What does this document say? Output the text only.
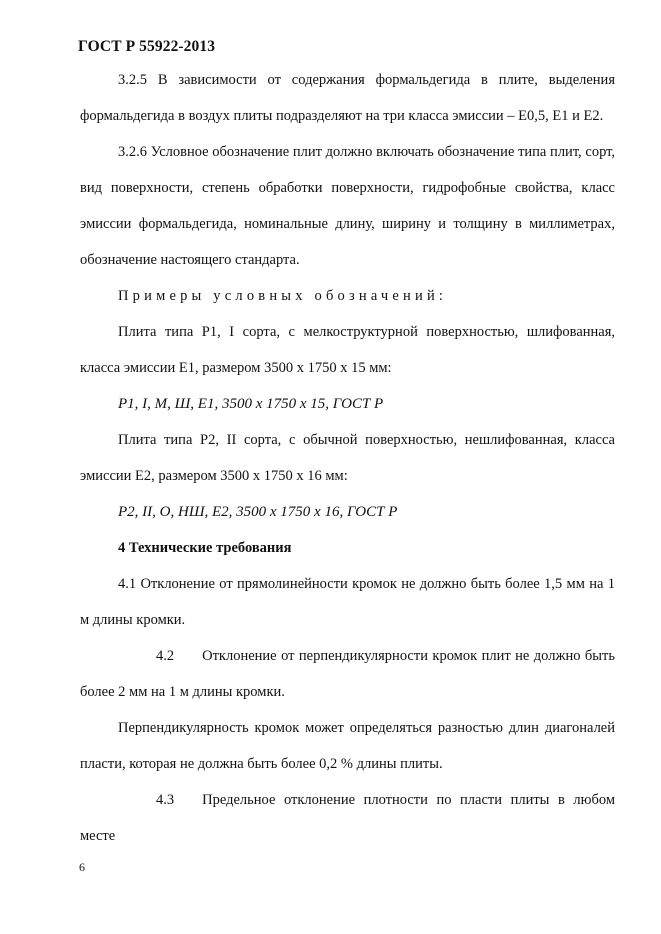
ГОСТ Р 55922-2013

3.2.5 В зависимости от содержания формальдегида в плите, выделения формальдегида в воздух плиты подразделяют на три класса эмиссии – Е0,5, Е1 и Е2.

3.2.6 Условное обозначение плит должно включать обозначение типа плит, сорт, вид поверхности, степень обработки поверхности, гидрофобные свойства, класс эмиссии формальдегида, номинальные длину, ширину и толщину в миллиметрах, обозначение настоящего стандарта.

Примеры условных обозначений:

Плита типа Р1, I сорта, с мелкоструктурной поверхностью, шлифованная, класса эмиссии Е1, размером 3500 х 1750 х 15 мм:

Р1, I, М, Ш, Е1, 3500 х 1750 х 15, ГОСТ Р

Плита типа Р2, II сорта, с обычной поверхностью, нешлифованная, класса эмиссии Е2, размером 3500 х 1750 х 16 мм:

Р2, II, О, НШ, Е2, 3500 х 1750 х 16, ГОСТ Р

4 Технические требования

4.1 Отклонение от прямолинейности кромок не должно быть более 1,5 мм на 1 м длины кромки.

4.2 Отклонение от перпендикулярности кромок плит не должно быть более 2 мм на 1 м длины кромки.

Перпендикулярность кромок может определяться разностью длин диагоналей пласти, которая не должна быть более 0,2 % длины плиты.

4.3 Предельное отклонение плотности по пласти плиты в любом месте

6
